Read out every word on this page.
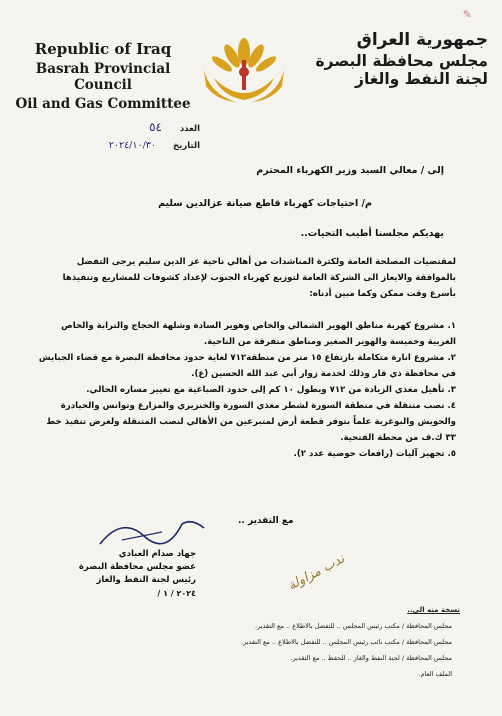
✎
Republic of Iraq
Basrah Provincial Council
Oil and Gas Committee
جمهورية العراق
مجلس محافظة البصرة
لجنة النفط والغاز
العدد
٥٤
التاريخ
٢٠٢٤/١٠/٣٠
إلى / معالي السيد وزير الكهرباء المحترم
م/ احتياجات كهرباء قاطع صيانة عزالدين سليم
يهديكم مجلسنا أطيب التحيات..
لمقتضيات المصلحة العامة ولكثرة المناشدات من أهالي ناحية عز الدين سليم يرجى التفضل بالموافقة والايعاز الى الشركة العامة لتوزيع كهرباء الجنوب لإعداد كشوفات للمشاريع وتنفيذها بأسرع وقت ممكن وكما مبين أدناه:

١. مشروع كهربة مناطق الهوير الشمالي والخاص وهوير السادة وشلهة الحجاج والترابة والخاص الغربية وخميسة والهوير الصغير ومناطق متفرقة من الناحية.

٢. مشروع انارة متكاملة بارتفاع ١٥ متر من منطقة٧١٢ لغاية حدود محافظة البصرة مع قضاء الجبايش في محافظة ذي قار وذلك لخدمة زوار أبي عبد الله الحسين (ع).

٣. تأهيل مغذي الزيادة من ٧١٢ وبطول ١٠ كم إلى حدود الصباغية مع تغيير مساره الحالي.

٤. نصب متنقلة في منطقة السورة لشطر مغذي السورة والخنزيري والمزارع وتوانس والحيادرة والحويش والبوغربة علماً بتوفر قطعة أرض لمتبرعين من الأهالي لنصب المتنقلة ولغرض تنفيذ خط ٣٣ ك.ف من محطة الفتحية.

٥. تجهيز آليات (رافعات حوضية عدد ٢).

مع التقدير ..
جهاد صدام العبادي
عضو مجلس محافظة البصرة
رئيس لجنة النفط والغاز
٢٠٢٤ / ١ /	ندب مزاولة
نسخة منه الى..
مجلس المحافظة / مكتب رئيس المجلس .. للتفضل بالاطلاع .. مع التقدير.
مجلس المحافظة / مكتب نائب رئيس المجلس .. للتفضل بالاطلاع .. مع التقدير.
مجلس المحافظة / لجنة النفط والغاز .. للحفظ .. مع التقدير.
الملف العام.
